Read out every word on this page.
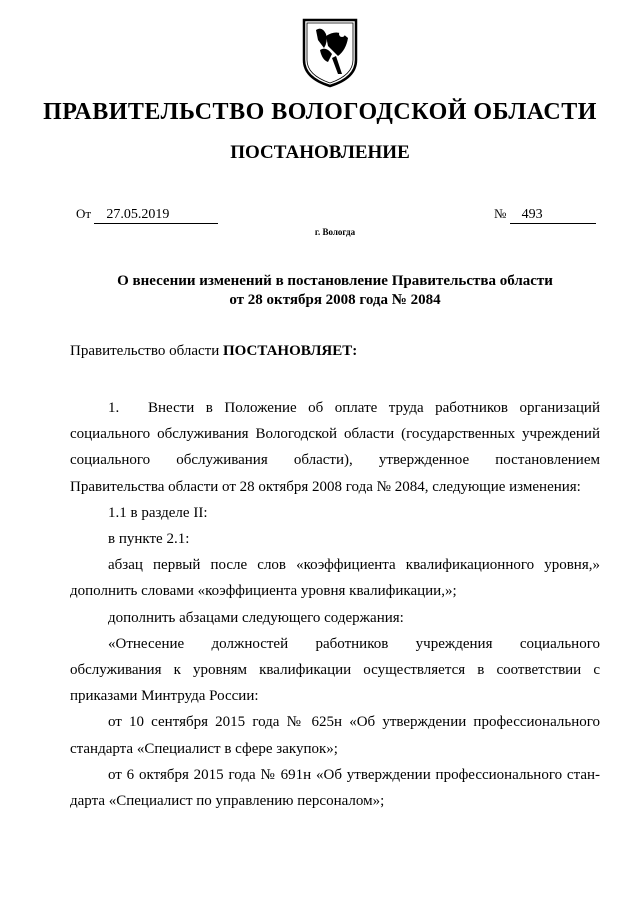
ПРАВИТЕЛЬСТВО ВОЛОГОДСКОЙ ОБЛАСТИ
ПОСТАНОВЛЕНИЕ
От 27.05.2019	№ 493
г. Вологда
О внесении изменений в постановление Правительства области
от 28 октября 2008 года № 2084
Правительство области ПОСТАНОВЛЯЕТ:

1. Внести в Положение об оплате труда работников организаций

социального обслуживания Вологодской области (государственных учреждений

социального обслуживания области), утвержденное постановлением

Правительства области от 28 октября 2008 года № 2084, следующие изменения:

1.1 в разделе II:

в пункте 2.1:

абзац первый после слов «коэффициента квалификационного уровня,»

дополнить словами «коэффициента уровня квалификации,»;

дополнить абзацами следующего содержания:

«Отнесение должностей работников учреждения социального

обслуживания к уровням квалификации осуществляется в соответствии с

приказами Минтруда России:

от 10 сентября 2015 года № 625н «Об утверждении профессионального

стандарта «Специалист в сфере закупок»;

от 6 октября 2015 года № 691н «Об утверждении профессионального стан-

дарта «Специалист по управлению персоналом»;
